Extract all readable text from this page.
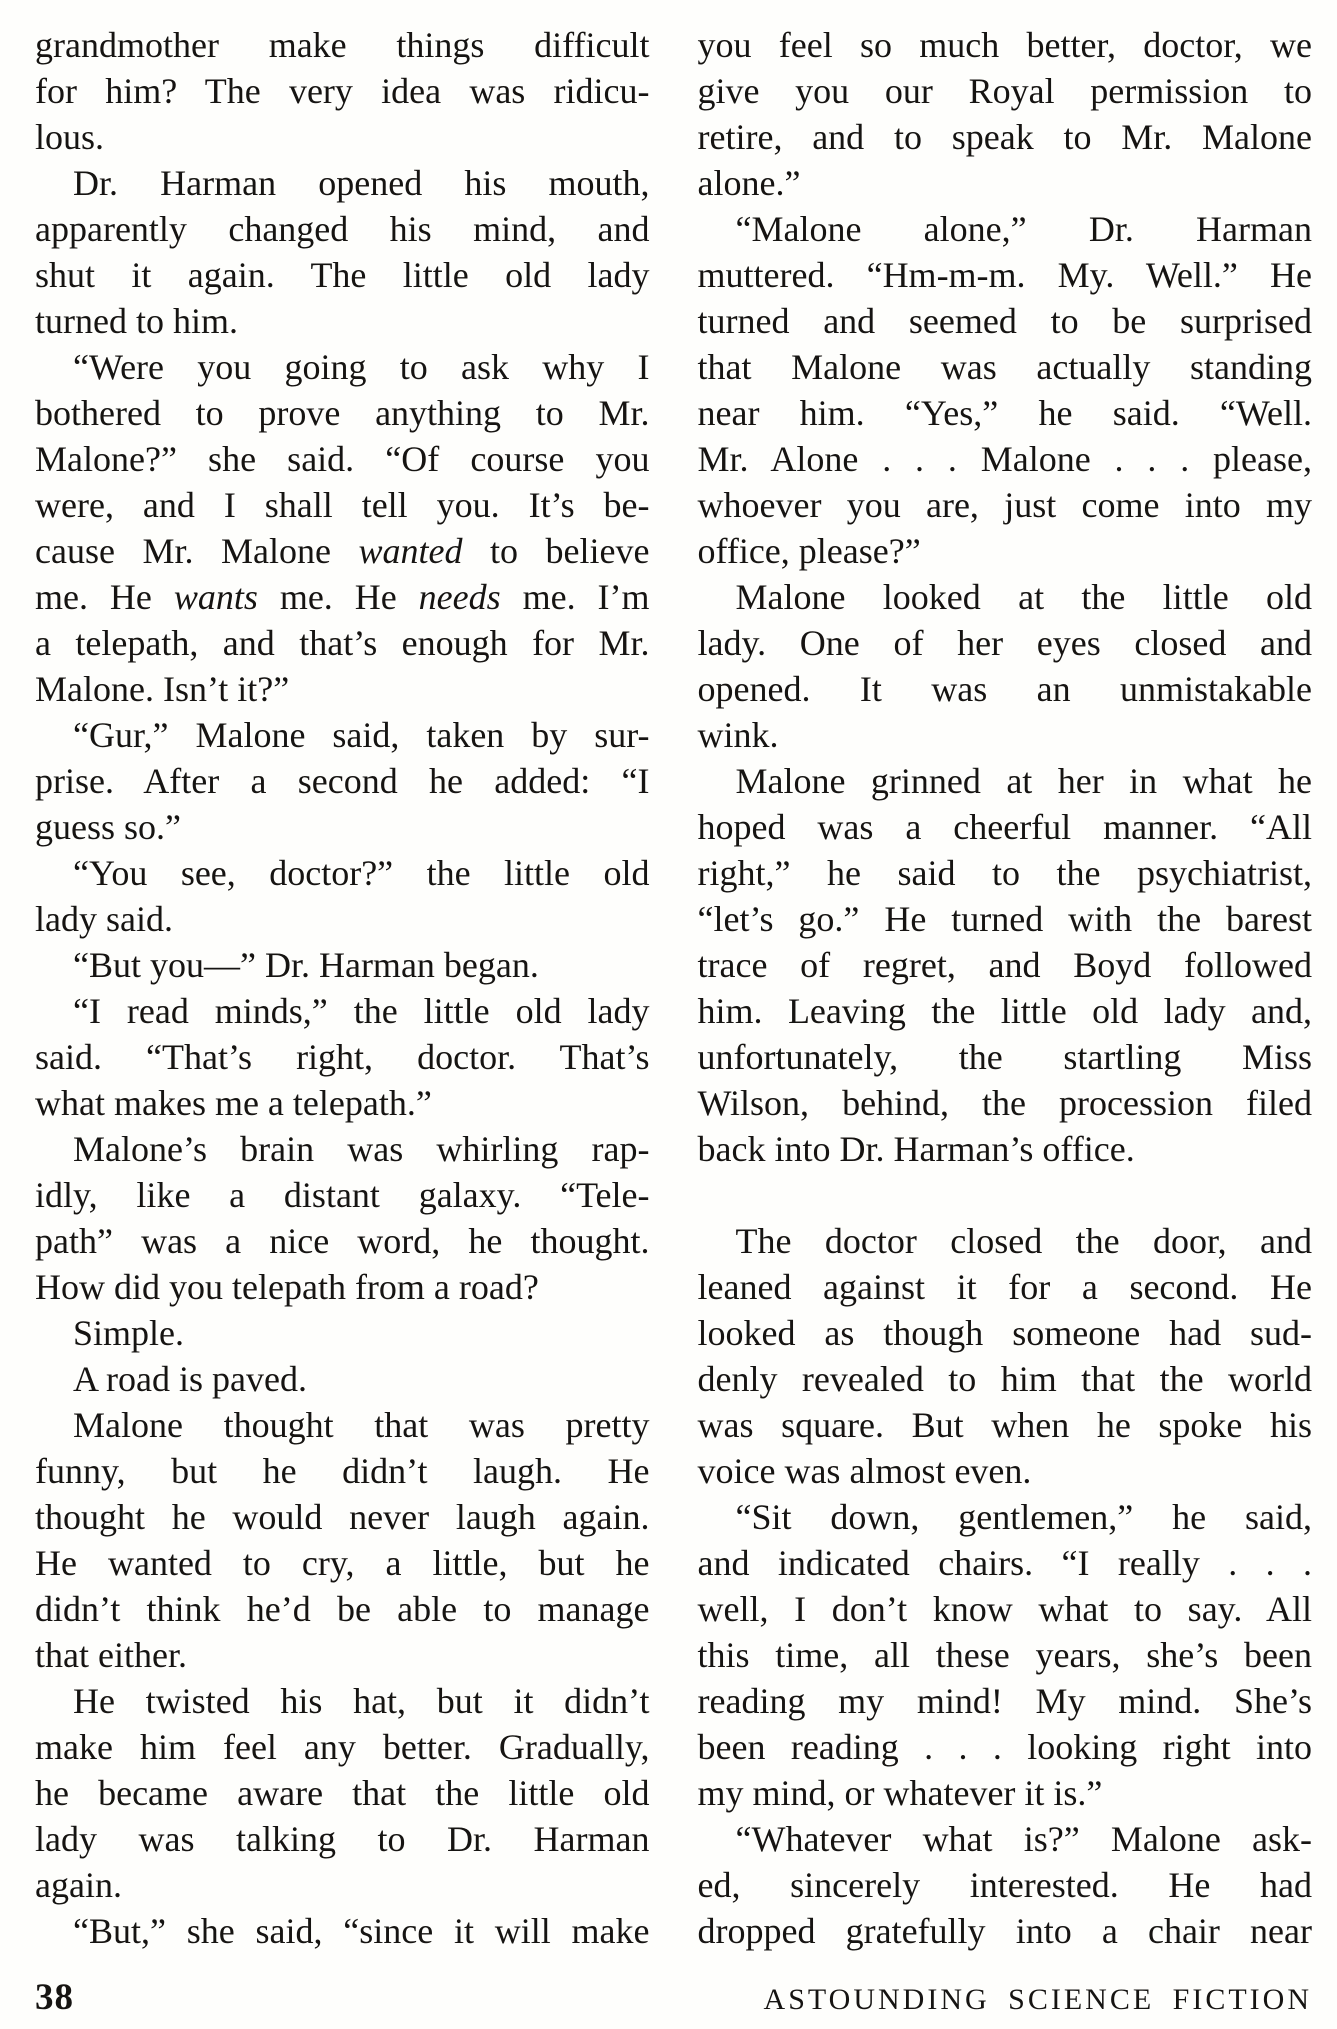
grandmother make things difficult
for him? The very idea was ridicu-
lous.
Dr. Harman opened his mouth,
apparently changed his mind, and
shut it again. The little old lady
turned to him.
“Were you going to ask why I
bothered to prove anything to Mr.
Malone?” she said. “Of course you
were, and I shall tell you. It’s be-
cause Mr. Malone wanted to believe
me. He wants me. He needs me. I’m
a telepath, and that’s enough for Mr.
Malone. Isn’t it?”
“Gur,” Malone said, taken by sur-
prise. After a second he added: “I
guess so.”
“You see, doctor?” the little old
lady said.
“But you—” Dr. Harman began.
“I read minds,” the little old lady
said. “That’s right, doctor. That’s
what makes me a telepath.”
Malone’s brain was whirling rap-
idly, like a distant galaxy. “Tele-
path” was a nice word, he thought.
How did you telepath from a road?
Simple.
A road is paved.
Malone thought that was pretty
funny, but he didn’t laugh. He
thought he would never laugh again.
He wanted to cry, a little, but he
didn’t think he’d be able to manage
that either.
He twisted his hat, but it didn’t
make him feel any better. Gradually,
he became aware that the little old
lady was talking to Dr. Harman
again.
“But,” she said, “since it will make
you feel so much better, doctor, we
give you our Royal permission to
retire, and to speak to Mr. Malone
alone.”
“Malone alone,” Dr. Harman
muttered. “Hm-m-m. My. Well.” He
turned and seemed to be surprised
that Malone was actually standing
near him. “Yes,” he said. “Well.
Mr. Alone . . . Malone . . . please,
whoever you are, just come into my
office, please?”
Malone looked at the little old
lady. One of her eyes closed and
opened. It was an unmistakable
wink.
Malone grinned at her in what he
hoped was a cheerful manner. “All
right,” he said to the psychiatrist,
“let’s go.” He turned with the barest
trace of regret, and Boyd followed
him. Leaving the little old lady and,
unfortunately, the startling Miss
Wilson, behind, the procession filed
back into Dr. Harman’s office.
The doctor closed the door, and
leaned against it for a second. He
looked as though someone had sud-
denly revealed to him that the world
was square. But when he spoke his
voice was almost even.
“Sit down, gentlemen,” he said,
and indicated chairs. “I really . . .
well, I don’t know what to say. All
this time, all these years, she’s been
reading my mind! My mind. She’s
been reading . . . looking right into
my mind, or whatever it is.”
“Whatever what is?” Malone ask-
ed, sincerely interested. He had
dropped gratefully into a chair near
38	ASTOUNDING SCIENCE FICTION
